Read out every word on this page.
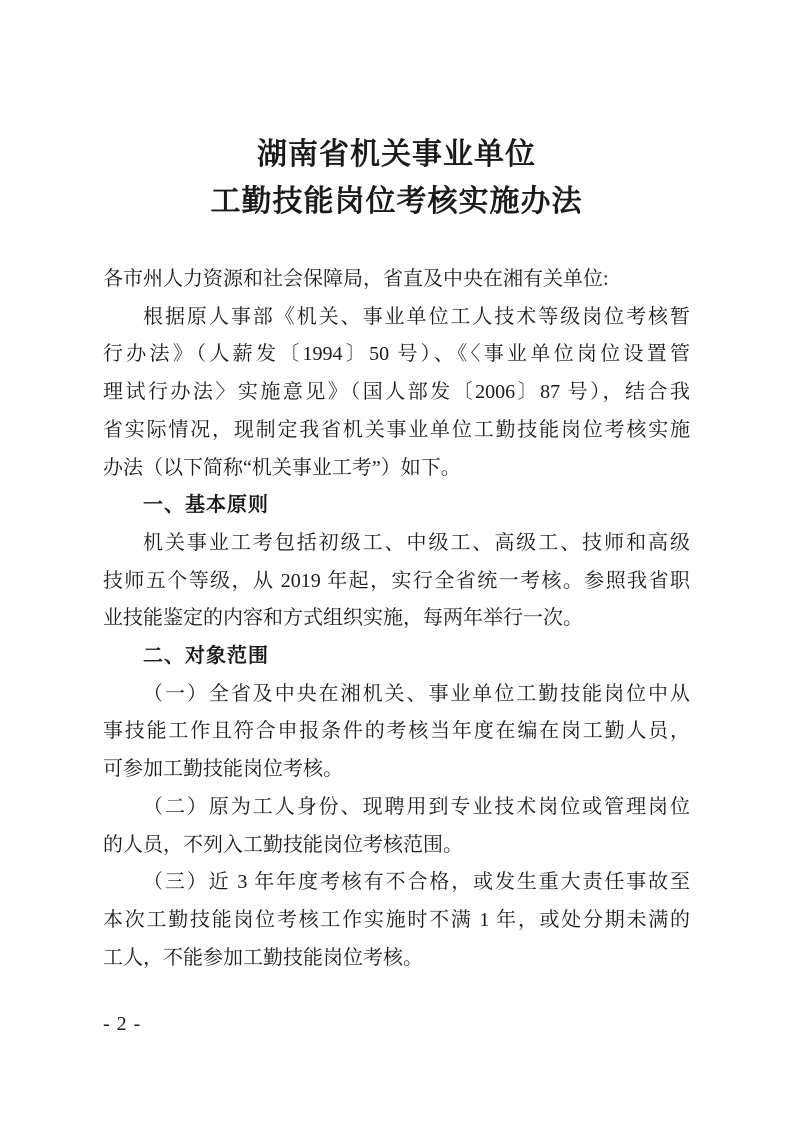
湖南省机关事业单位
工勤技能岗位考核实施办法
各市州人力资源和社会保障局，省直及中央在湘有关单位:
根据原人事部《机关、事业单位工人技术等级岗位考核暂
行办法》（人薪发〔1994〕50 号）、《〈事业单位岗位设置管
理试行办法〉实施意见》（国人部发〔2006〕87 号），结合我
省实际情况，现制定我省机关事业单位工勤技能岗位考核实施
办法（以下简称“机关事业工考”）如下。
一、基本原则
机关事业工考包括初级工、中级工、高级工、技师和高级
技师五个等级，从 2019 年起，实行全省统一考核。参照我省职
业技能鉴定的内容和方式组织实施，每两年举行一次。
二、对象范围
（一）全省及中央在湘机关、事业单位工勤技能岗位中从
事技能工作且符合申报条件的考核当年度在编在岗工勤人员，
可参加工勤技能岗位考核。
（二）原为工人身份、现聘用到专业技术岗位或管理岗位
的人员，不列入工勤技能岗位考核范围。
（三）近 3 年年度考核有不合格，或发生重大责任事故至
本次工勤技能岗位考核工作实施时不满 1 年，或处分期未满的
工人，不能参加工勤技能岗位考核。
- 2 -
